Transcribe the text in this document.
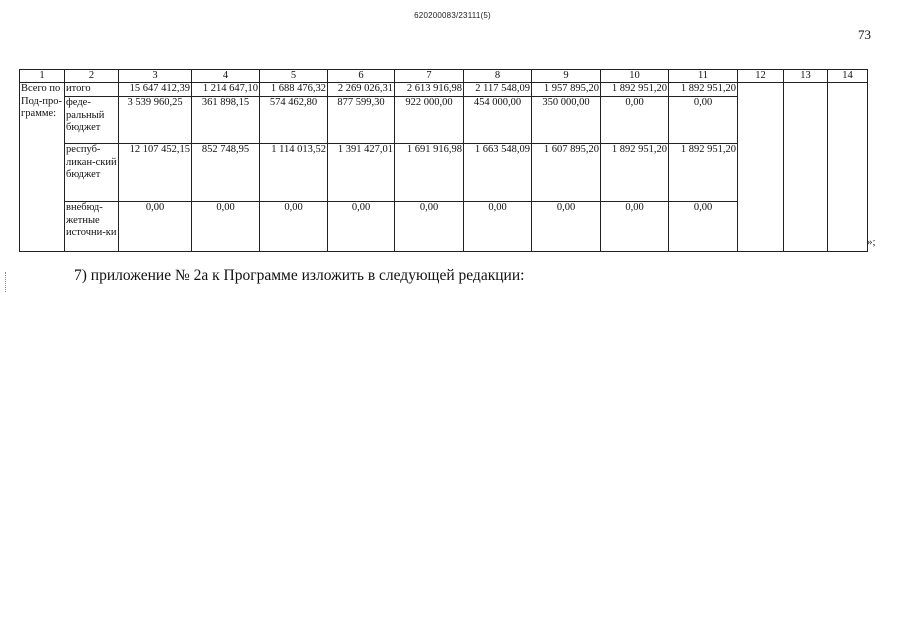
620200083/23111(5)
73
1	2	3	4	5	6	7	8	9	10	11	12	13	14
Всего по Под-про-грамме:	итого	15 647 412,39	1 214 647,10	1 688 476,32	2 269 026,31	2 613 916,98	2 117 548,09	1 957 895,20	1 892 951,20	1 892 951,20			
	феде-ральный бюджет	3 539 960,25	361 898,15	574 462,80	877 599,30	922 000,00	454 000,00	350 000,00	0,00	0,00			
	респуб-ликан-ский бюджет	12 107 452,15	852 748,95	1 114 013,52	1 391 427,01	1 691 916,98	1 663 548,09	1 607 895,20	1 892 951,20	1 892 951,20			
	внебюд-жетные источни-ки	0,00	0,00	0,00	0,00	0,00	0,00	0,00	0,00	0,00			
»;
7) приложение № 2а к Программе изложить в следующей редакции:
